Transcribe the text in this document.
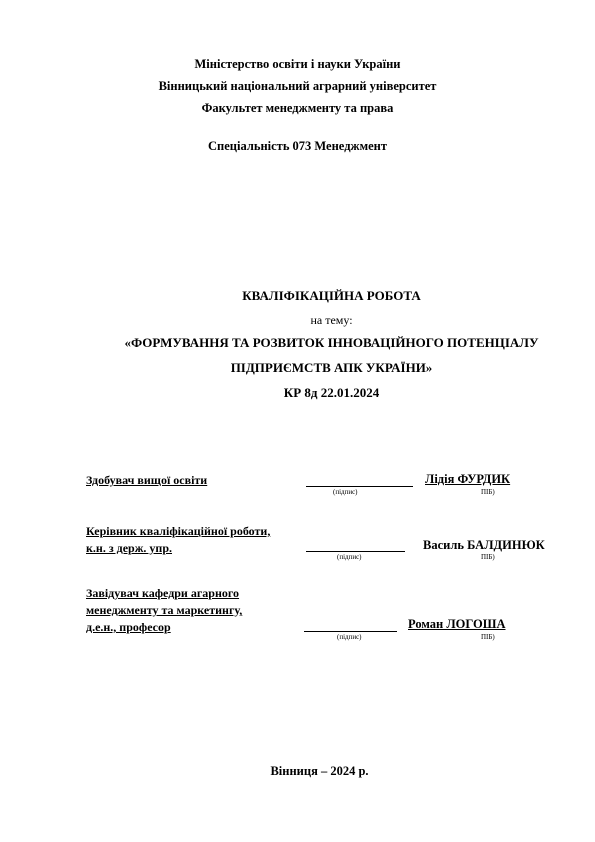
Міністерство освіти і науки України
Вінницький національний аграрний університет
Факультет менеджменту та права
Спеціальність 073 Менеджмент
КВАЛІФІКАЦІЙНА РОБОТА
на тему:
«ФОРМУВАННЯ ТА РОЗВИТОК ІННОВАЦІЙНОГО ПОТЕНЦІАЛУ
ПІДПРИЄМСТВ АПК УКРАЇНИ»
КР 8д 22.01.2024
Здобувач вищої освіти
(підпис)
Лідія ФУРДИК
ПІБ)
Керівник кваліфікаційної роботи,
к.н. з держ. упр.
(підпис)
Василь БАЛДИНЮК
ПІБ)
Завідувач кафедри агарного
менеджменту та маркетингу,
д.е.н., професор
(підпис)
Роман ЛОГОША
ПІБ)
Вінниця – 2024 р.
